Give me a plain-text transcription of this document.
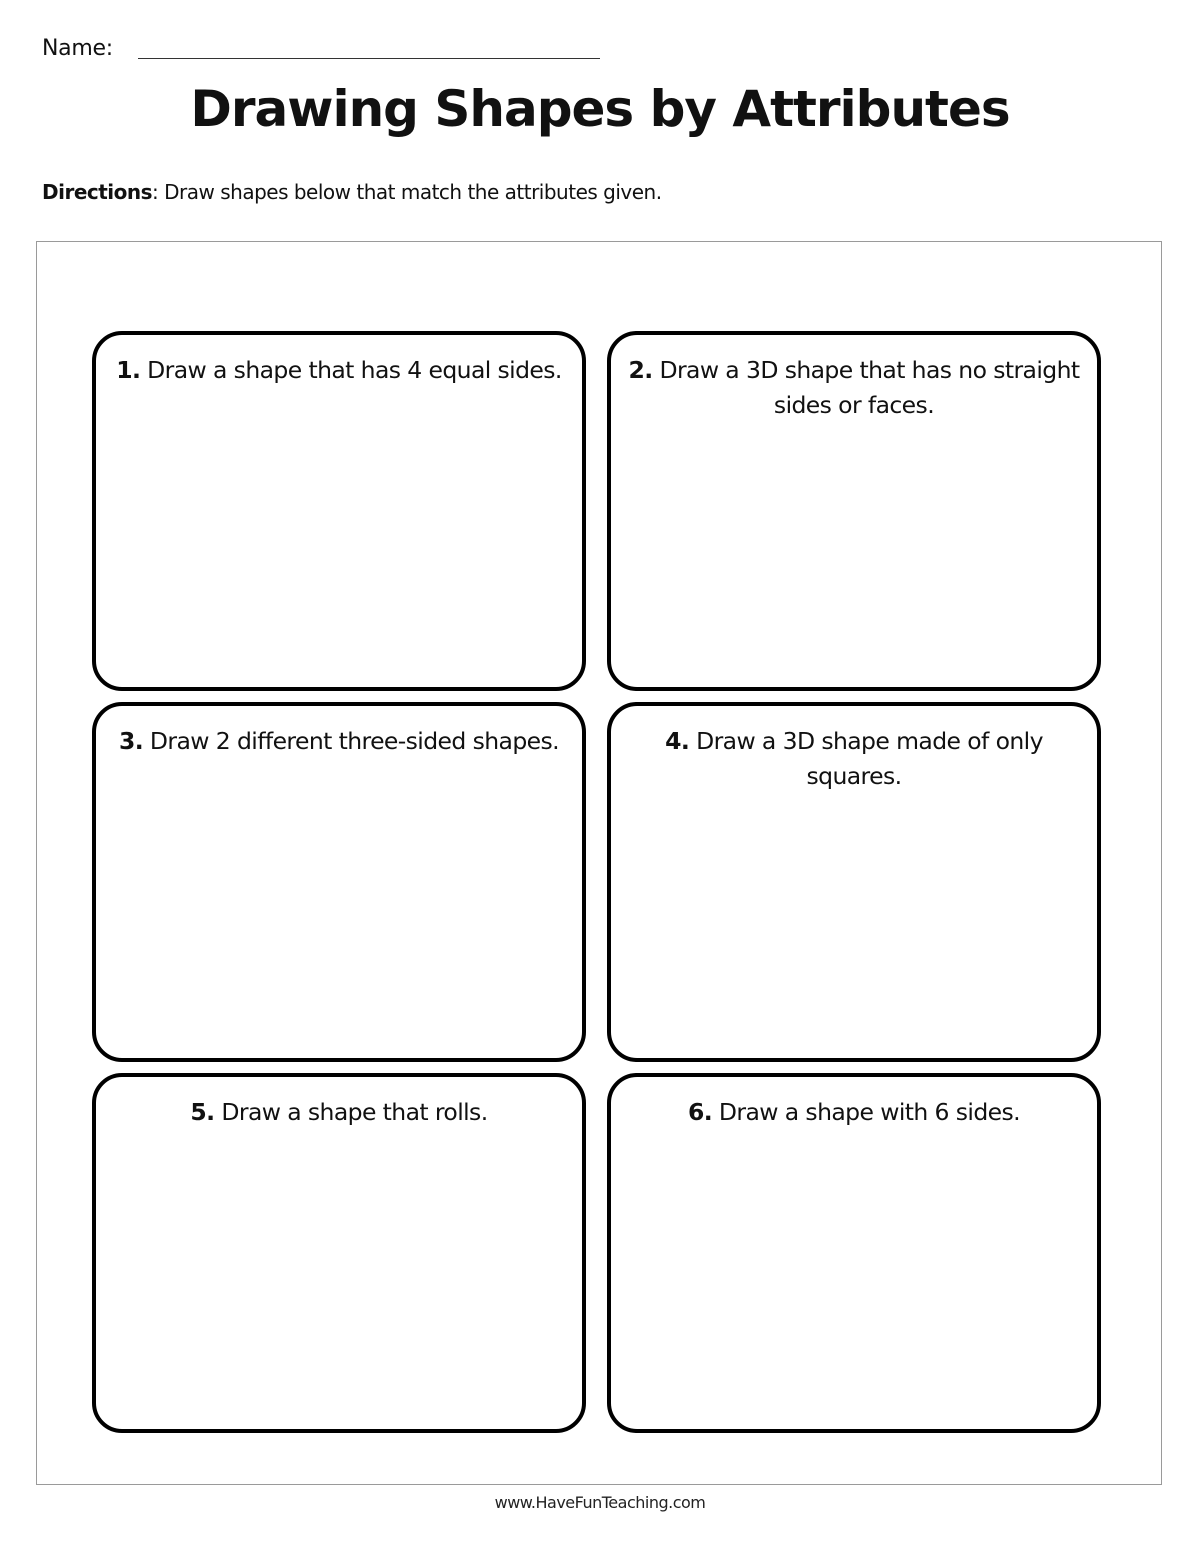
Name:
Drawing Shapes by Attributes
Directions: Draw shapes below that match the attributes given.
1. Draw a shape that has 4 equal sides.	2. Draw a 3D shape that has no straight sides or faces.
3. Draw 2 different three-sided shapes.	4. Draw a 3D shape made of only squares.
5. Draw a shape that rolls.	6. Draw a shape with 6 sides.
www.HaveFunTeaching.com
